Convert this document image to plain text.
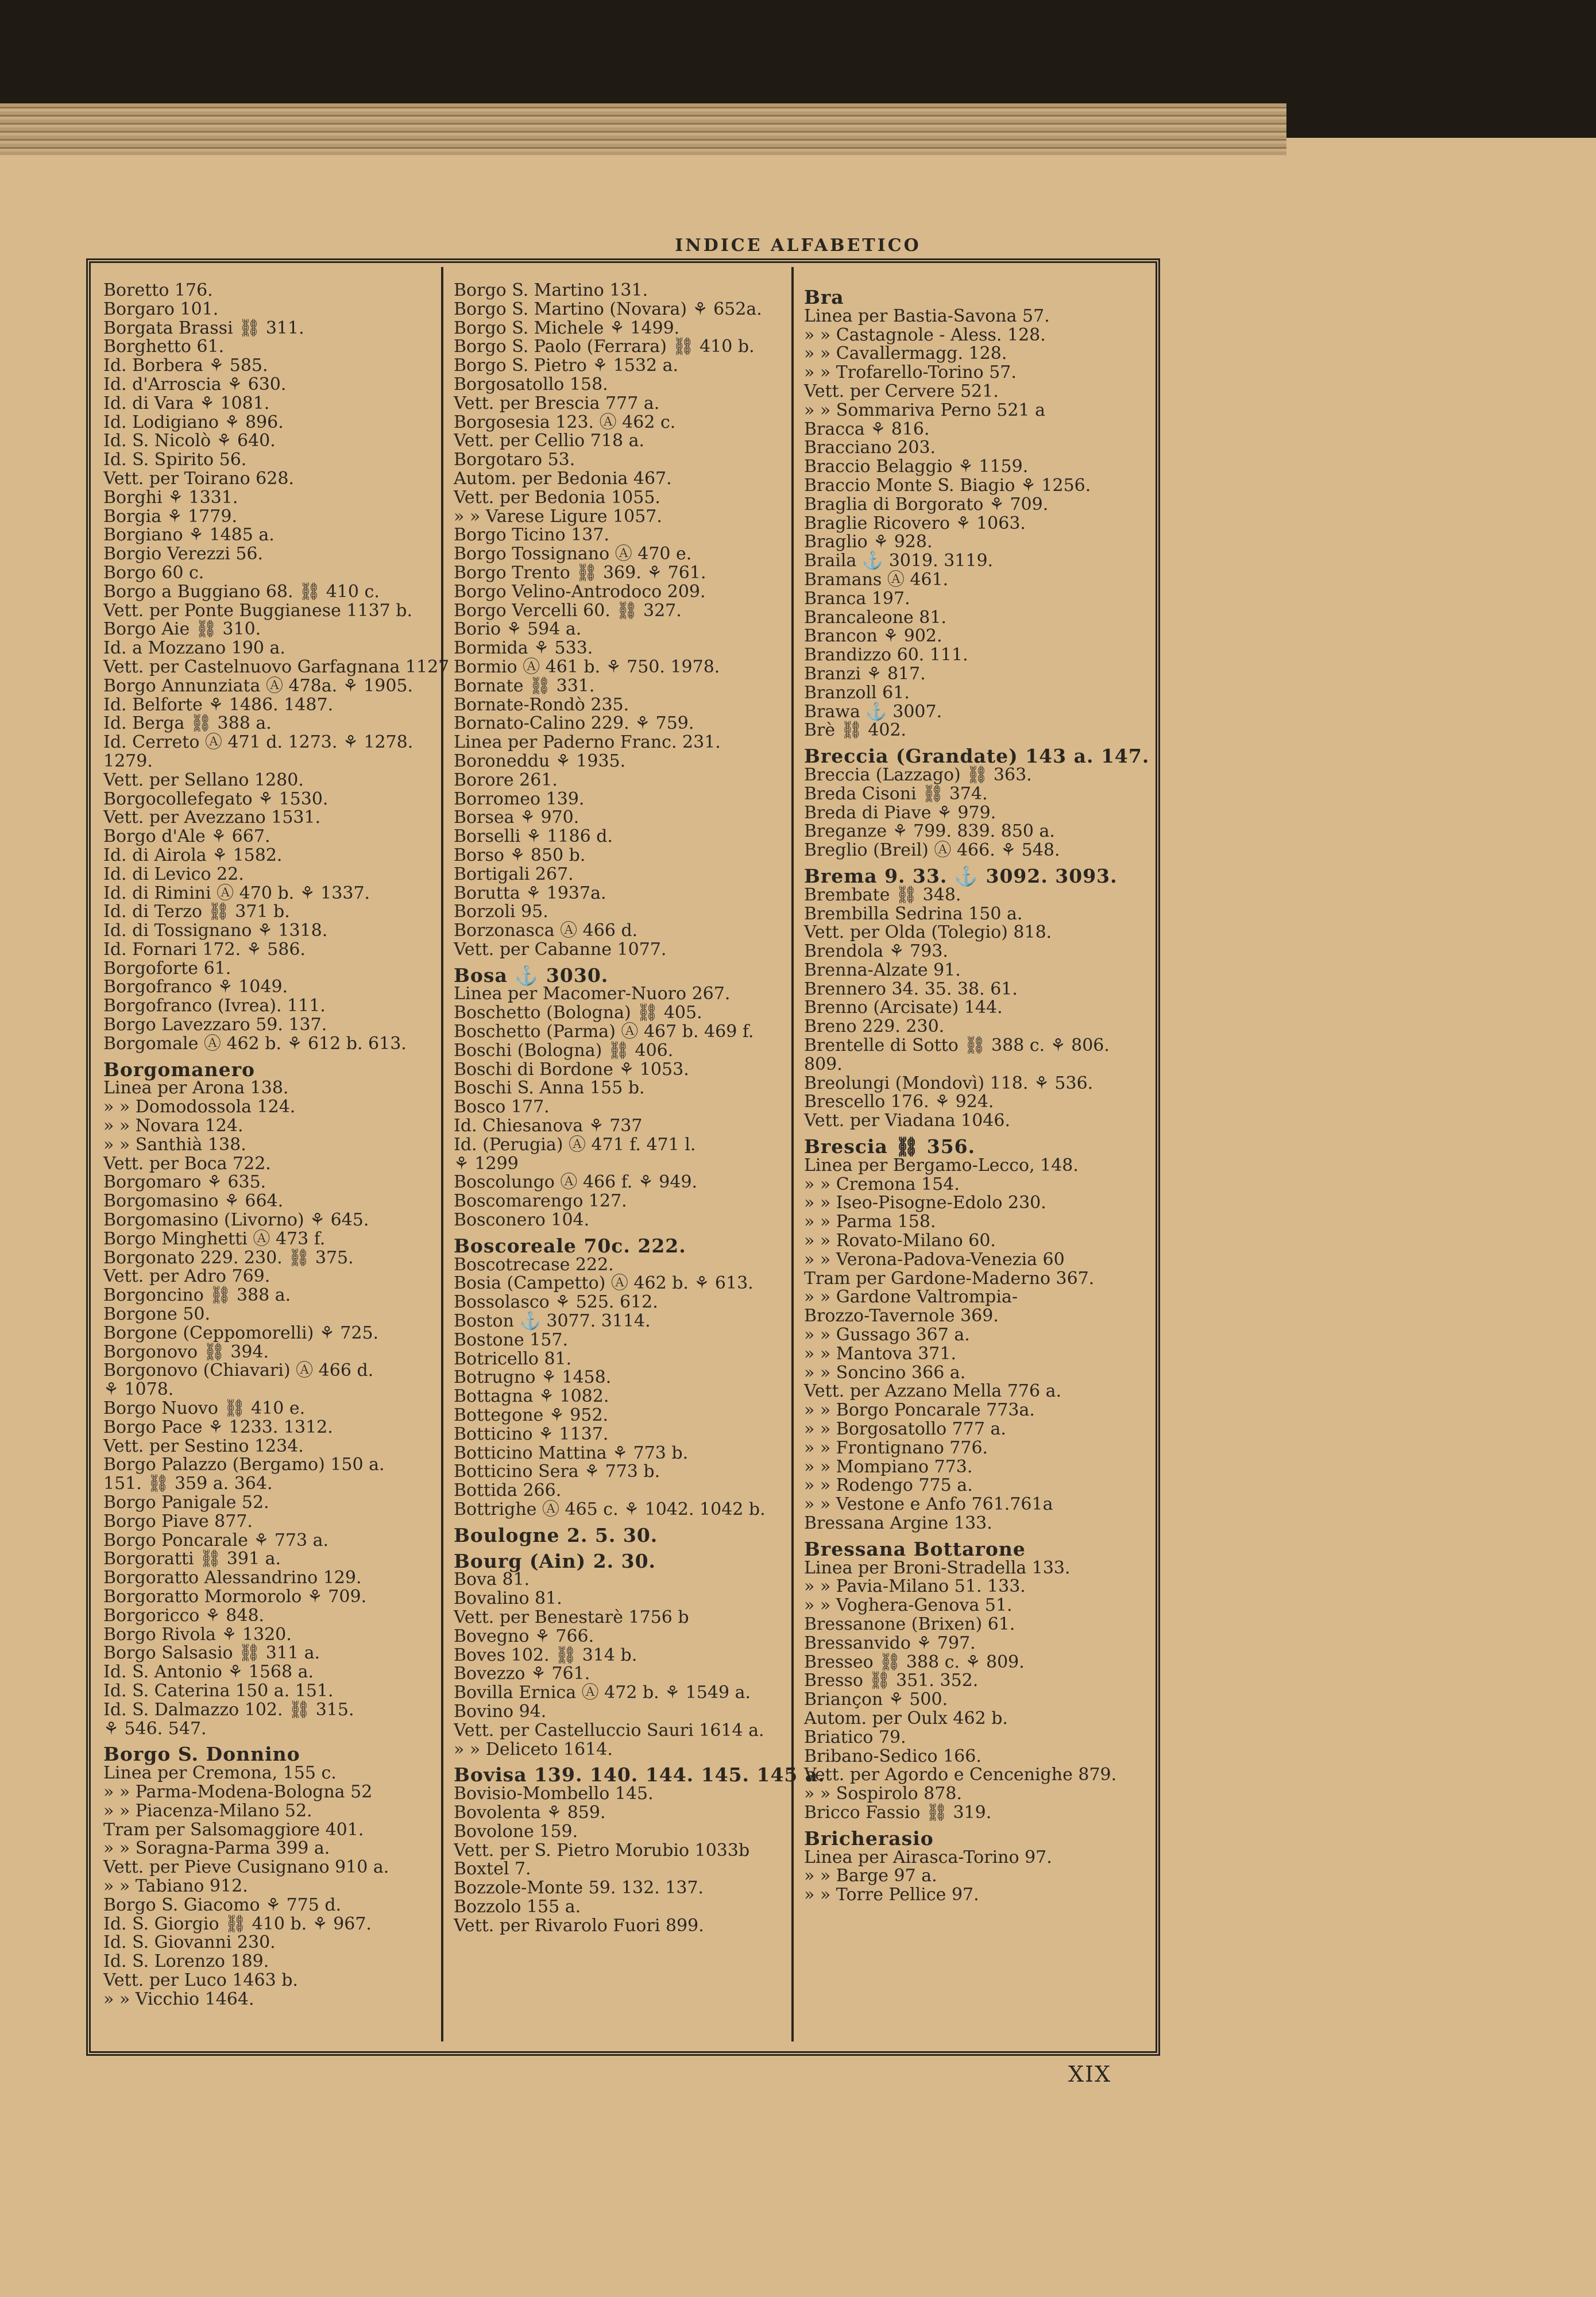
INDICE ALFABETICO
Boretto 176.
Borgaro 101.
Borgata Brassi ⛓ 311.
Borghetto 61.
Id. Borbera ⚘ 585.
Id. d'Arroscia ⚘ 630.
Id. di Vara ⚘ 1081.
Id. Lodigiano ⚘ 896.
Id. S. Nicolò ⚘ 640.
Id. S. Spirito 56.
Vett. per Toirano 628.
Borghi ⚘ 1331.
Borgia ⚘ 1779.
Borgiano ⚘ 1485 a.
Borgio Verezzi 56.
Borgo 60 c.
Borgo a Buggiano 68. ⛓ 410 c.
Vett. per Ponte Buggianese 1137 b.
Borgo Aie ⛓ 310.
Id. a Mozzano 190 a.
Vett. per Castelnuovo Garfagnana 1127
Borgo Annunziata Ⓐ 478a. ⚘ 1905.
Id. Belforte ⚘ 1486. 1487.
Id. Berga ⛓ 388 a.
Id. Cerreto Ⓐ 471 d. 1273. ⚘ 1278.
1279.
Vett. per Sellano 1280.
Borgocollefegato ⚘ 1530.
Vett. per Avezzano 1531.
Borgo d'Ale ⚘ 667.
Id. di Airola ⚘ 1582.
Id. di Levico 22.
Id. di Rimini Ⓐ 470 b. ⚘ 1337.
Id. di Terzo ⛓ 371 b.
Id. di Tossignano ⚘ 1318.
Id. Fornari 172. ⚘ 586.
Borgoforte 61.
Borgofranco ⚘ 1049.
Borgofranco (Ivrea). 111.
Borgo Lavezzaro 59. 137.
Borgomale Ⓐ 462 b. ⚘ 612 b. 613.
Borgomanero
Linea per Arona 138.
» » Domodossola 124.
» » Novara 124.
» » Santhià 138.
Vett. per Boca 722.
Borgomaro ⚘ 635.
Borgomasino ⚘ 664.
Borgomasino (Livorno) ⚘ 645.
Borgo Minghetti Ⓐ 473 f.
Borgonato 229. 230. ⛓ 375.
Vett. per Adro 769.
Borgoncino ⛓ 388 a.
Borgone 50.
Borgone (Ceppomorelli) ⚘ 725.
Borgonovo ⛓ 394.
Borgonovo (Chiavari) Ⓐ 466 d.
⚘ 1078.
Borgo Nuovo ⛓ 410 e.
Borgo Pace ⚘ 1233. 1312.
Vett. per Sestino 1234.
Borgo Palazzo (Bergamo) 150 a.
151. ⛓ 359 a. 364.
Borgo Panigale 52.
Borgo Piave 877.
Borgo Poncarale ⚘ 773 a.
Borgoratti ⛓ 391 a.
Borgoratto Alessandrino 129.
Borgoratto Mormorolo ⚘ 709.
Borgoricco ⚘ 848.
Borgo Rivola ⚘ 1320.
Borgo Salsasio ⛓ 311 a.
Id. S. Antonio ⚘ 1568 a.
Id. S. Caterina 150 a. 151.
Id. S. Dalmazzo 102. ⛓ 315.
⚘ 546. 547.
Borgo S. Donnino
Linea per Cremona, 155 c.
» » Parma-Modena-Bologna 52
» » Piacenza-Milano 52.
Tram per Salsomaggiore 401.
» » Soragna-Parma 399 a.
Vett. per Pieve Cusignano 910 a.
» » Tabiano 912.
Borgo S. Giacomo ⚘ 775 d.
Id. S. Giorgio ⛓ 410 b. ⚘ 967.
Id. S. Giovanni 230.
Id. S. Lorenzo 189.
Vett. per Luco 1463 b.
» » Vicchio 1464.
Borgo S. Martino 131.
Borgo S. Martino (Novara) ⚘ 652a.
Borgo S. Michele ⚘ 1499.
Borgo S. Paolo (Ferrara) ⛓ 410 b.
Borgo S. Pietro ⚘ 1532 a.
Borgosatollo 158.
Vett. per Brescia 777 a.
Borgosesia 123. Ⓐ 462 c.
Vett. per Cellio 718 a.
Borgotaro 53.
Autom. per Bedonia 467.
Vett. per Bedonia 1055.
» » Varese Ligure 1057.
Borgo Ticino 137.
Borgo Tossignano Ⓐ 470 e.
Borgo Trento ⛓ 369. ⚘ 761.
Borgo Velino-Antrodoco 209.
Borgo Vercelli 60. ⛓ 327.
Borio ⚘ 594 a.
Bormida ⚘ 533.
Bormio Ⓐ 461 b. ⚘ 750. 1978.
Bornate ⛓ 331.
Bornate-Rondò 235.
Bornato-Calino 229. ⚘ 759.
Linea per Paderno Franc. 231.
Boroneddu ⚘ 1935.
Borore 261.
Borromeo 139.
Borsea ⚘ 970.
Borselli ⚘ 1186 d.
Borso ⚘ 850 b.
Bortigali 267.
Borutta ⚘ 1937a.
Borzoli 95.
Borzonasca Ⓐ 466 d.
Vett. per Cabanne 1077.
Bosa ⚓ 3030.
Linea per Macomer-Nuoro 267.
Boschetto (Bologna) ⛓ 405.
Boschetto (Parma) Ⓐ 467 b. 469 f.
Boschi (Bologna) ⛓ 406.
Boschi di Bordone ⚘ 1053.
Boschi S. Anna 155 b.
Bosco 177.
Id. Chiesanova ⚘ 737
Id. (Perugia) Ⓐ 471 f. 471 l.
⚘ 1299
Boscolungo Ⓐ 466 f. ⚘ 949.
Boscomarengo 127.
Bosconero 104.
Boscoreale 70c. 222.
Boscotrecase 222.
Bosia (Campetto) Ⓐ 462 b. ⚘ 613.
Bossolasco ⚘ 525. 612.
Boston ⚓ 3077. 3114.
Bostone 157.
Botricello 81.
Botrugno ⚘ 1458.
Bottagna ⚘ 1082.
Bottegone ⚘ 952.
Botticino ⚘ 1137.
Botticino Mattina ⚘ 773 b.
Botticino Sera ⚘ 773 b.
Bottida 266.
Bottrighe Ⓐ 465 c. ⚘ 1042. 1042 b.
Boulogne 2. 5. 30.
Bourg (Ain) 2. 30.
Bova 81.
Bovalino 81.
Vett. per Benestarè 1756 b
Bovegno ⚘ 766.
Boves 102. ⛓ 314 b.
Bovezzo ⚘ 761.
Bovilla Ernica Ⓐ 472 b. ⚘ 1549 a.
Bovino 94.
Vett. per Castelluccio Sauri 1614 a.
» » Deliceto 1614.
Bovisa 139. 140. 144. 145. 145 a.
Bovisio-Mombello 145.
Bovolenta ⚘ 859.
Bovolone 159.
Vett. per S. Pietro Morubio 1033b
Boxtel 7.
Bozzole-Monte 59. 132. 137.
Bozzolo 155 a.
Vett. per Rivarolo Fuori 899.
Bra
Linea per Bastia-Savona 57.
» » Castagnole - Aless. 128.
» » Cavallermagg. 128.
» » Trofarello-Torino 57.
Vett. per Cervere 521.
» » Sommariva Perno 521 a
Bracca ⚘ 816.
Bracciano 203.
Braccio Belaggio ⚘ 1159.
Braccio Monte S. Biagio ⚘ 1256.
Braglia di Borgorato ⚘ 709.
Braglie Ricovero ⚘ 1063.
Braglio ⚘ 928.
Braila ⚓ 3019. 3119.
Bramans Ⓐ 461.
Branca 197.
Brancaleone 81.
Brancon ⚘ 902.
Brandizzo 60. 111.
Branzi ⚘ 817.
Branzoll 61.
Brawa ⚓ 3007.
Brè ⛓ 402.
Breccia (Grandate) 143 a. 147.
Breccia (Lazzago) ⛓ 363.
Breda Cisoni ⛓ 374.
Breda di Piave ⚘ 979.
Breganze ⚘ 799. 839. 850 a.
Breglio (Breil) Ⓐ 466. ⚘ 548.
Brema 9. 33. ⚓ 3092. 3093.
Brembate ⛓ 348.
Brembilla Sedrina 150 a.
Vett. per Olda (Tolegio) 818.
Brendola ⚘ 793.
Brenna-Alzate 91.
Brennero 34. 35. 38. 61.
Brenno (Arcisate) 144.
Breno 229. 230.
Brentelle di Sotto ⛓ 388 c. ⚘ 806.
809.
Breolungi (Mondovì) 118. ⚘ 536.
Brescello 176. ⚘ 924.
Vett. per Viadana 1046.
Brescia ⛓ 356.
Linea per Bergamo-Lecco, 148.
» » Cremona 154.
» » Iseo-Pisogne-Edolo 230.
» » Parma 158.
» » Rovato-Milano 60.
» » Verona-Padova-Venezia 60
Tram per Gardone-Maderno 367.
» » Gardone Valtrompia-
Brozzo-Tavernole 369.
» » Gussago 367 a.
» » Mantova 371.
» » Soncino 366 a.
Vett. per Azzano Mella 776 a.
» » Borgo Poncarale 773a.
» » Borgosatollo 777 a.
» » Frontignano 776.
» » Mompiano 773.
» » Rodengo 775 a.
» » Vestone e Anfo 761.761a
Bressana Argine 133.
Bressana Bottarone
Linea per Broni-Stradella 133.
» » Pavia-Milano 51. 133.
» » Voghera-Genova 51.
Bressanone (Brixen) 61.
Bressanvido ⚘ 797.
Bresseo ⛓ 388 c. ⚘ 809.
Bresso ⛓ 351. 352.
Briançon ⚘ 500.
Autom. per Oulx 462 b.
Briatico 79.
Bribano-Sedico 166.
Vett. per Agordo e Cencenighe 879.
» » Sospirolo 878.
Bricco Fassio ⛓ 319.
Bricherasio
Linea per Airasca-Torino 97.
» » Barge 97 a.
» » Torre Pellice 97.
XIX
